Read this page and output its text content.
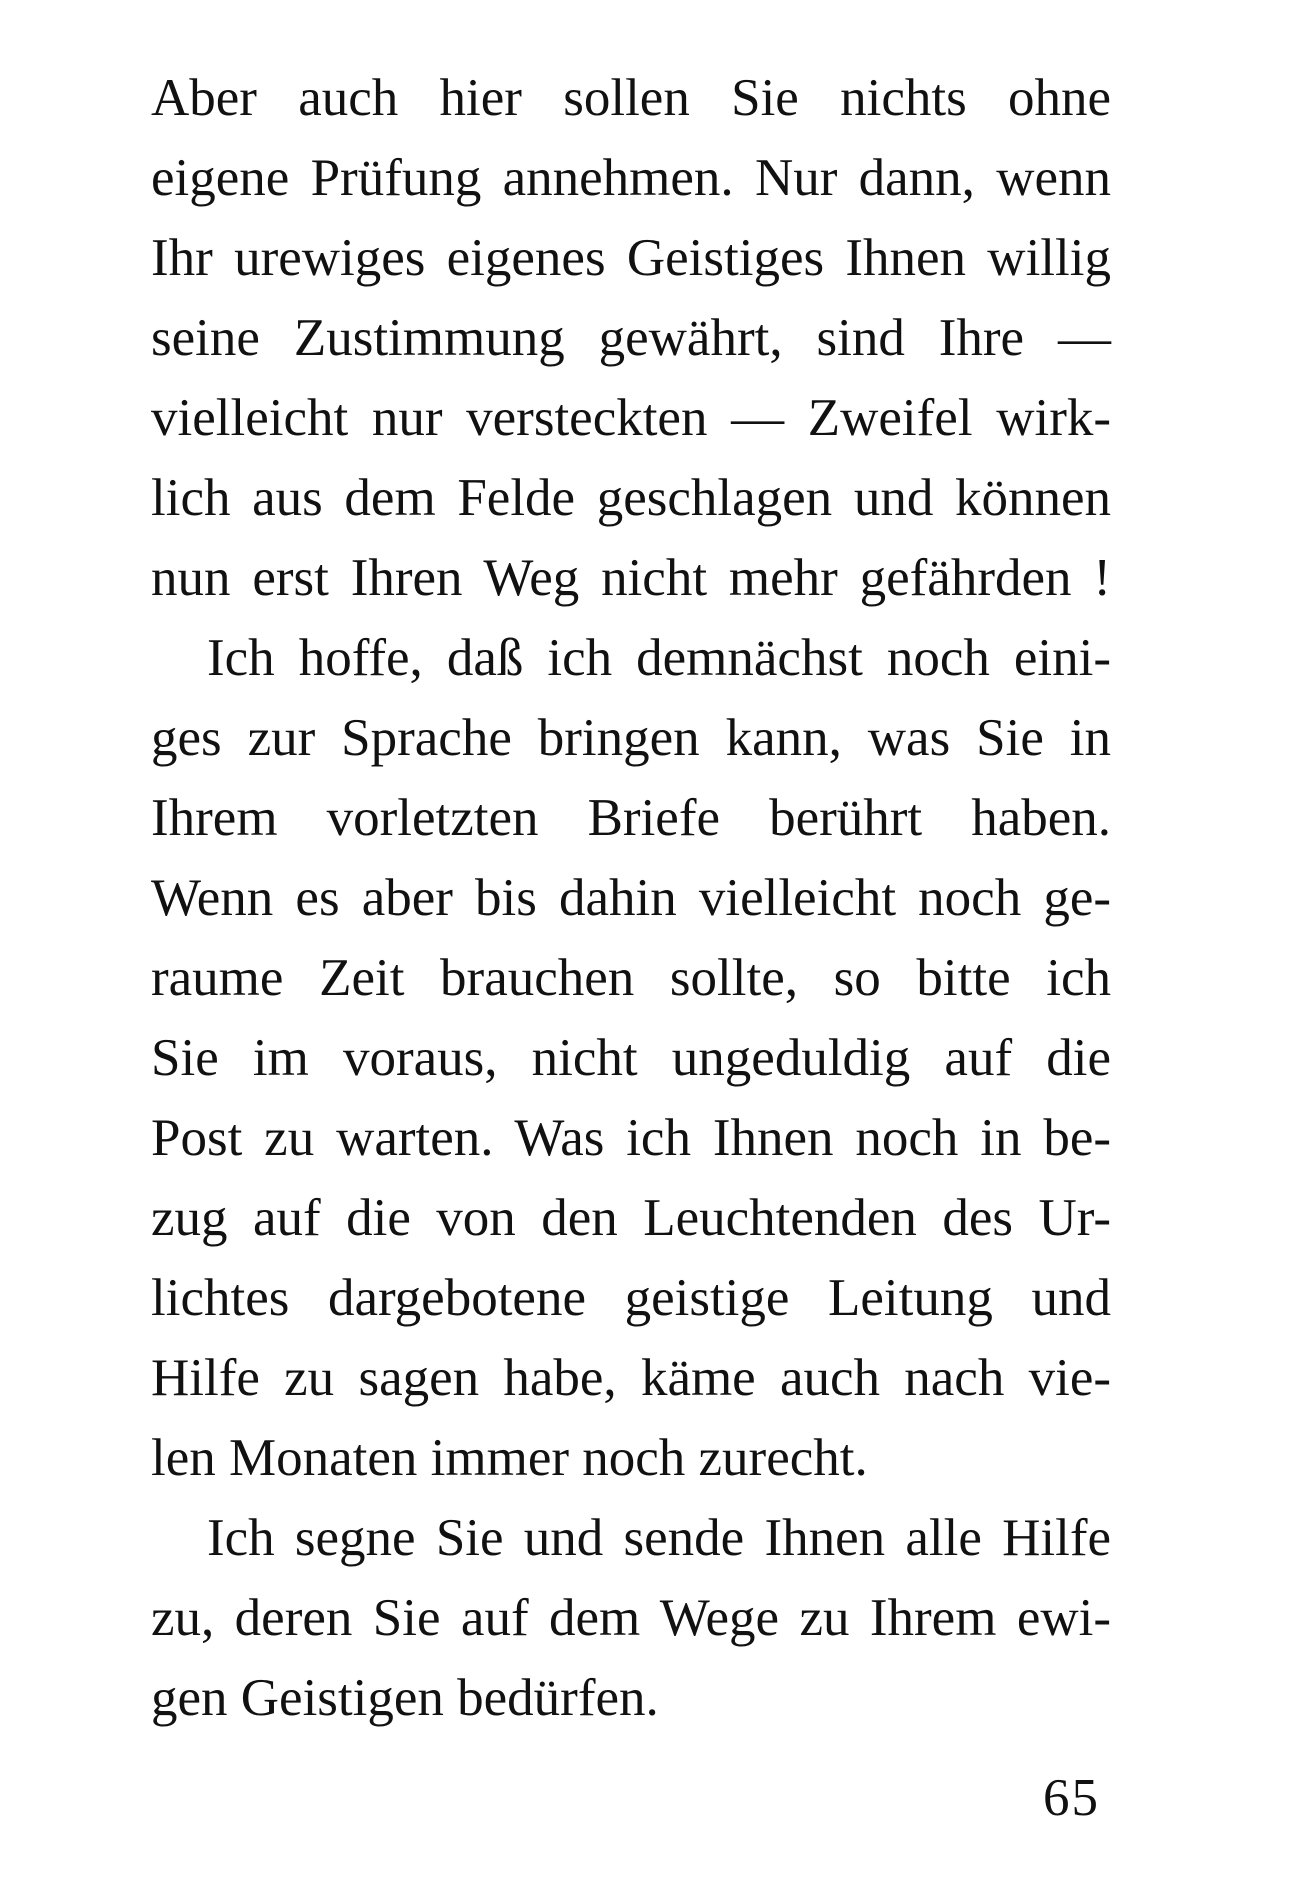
Aber auch hier sollen Sie nichts ohne
eigene Prüfung annehmen. Nur dann, wenn
Ihr urewiges eigenes Geistiges Ihnen willig
seine Zustimmung gewährt, sind Ihre —
vielleicht nur versteckten — Zweifel wirk-
lich aus dem Felde geschlagen und können
nun erst Ihren Weg nicht mehr gefährden !
Ich hoffe, daß ich demnächst noch eini-
ges zur Sprache bringen kann, was Sie in
Ihrem vorletzten Briefe berührt haben.
Wenn es aber bis dahin vielleicht noch ge-
raume Zeit brauchen sollte, so bitte ich
Sie im voraus, nicht ungeduldig auf die
Post zu warten. Was ich Ihnen noch in be-
zug auf die von den Leuchtenden des Ur-
lichtes dargebotene geistige Leitung und
Hilfe zu sagen habe, käme auch nach vie-
len Monaten immer noch zurecht.
Ich segne Sie und sende Ihnen alle Hilfe
zu, deren Sie auf dem Wege zu Ihrem ewi-
gen Geistigen bedürfen.
65
